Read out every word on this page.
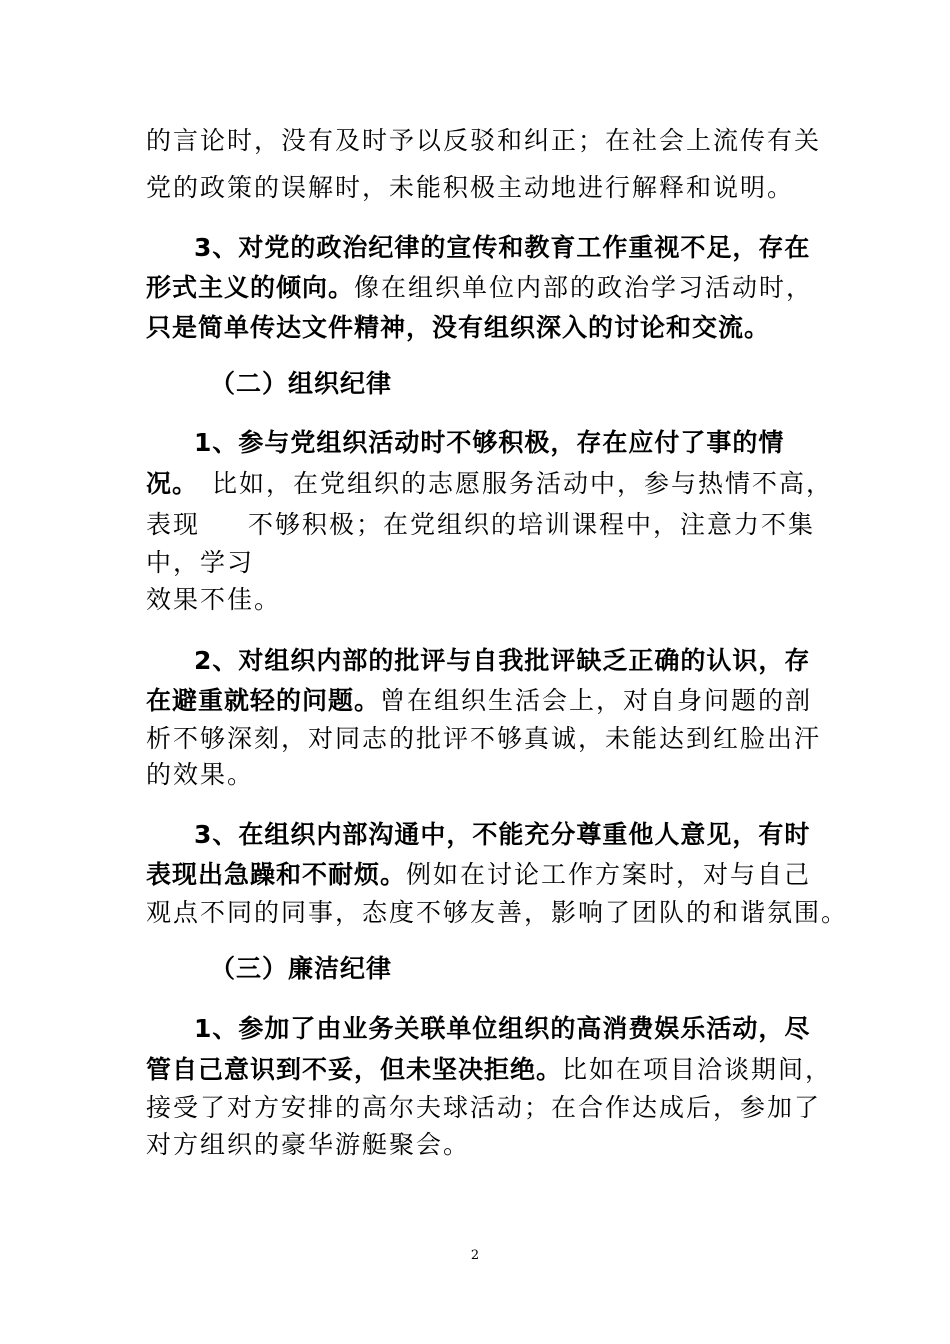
的言论时，没有及时予以反驳和纠正；在社会上流传有关
党的政策的误解时，未能积极主动地进行解释和说明。
3、对党的政治纪律的宣传和教育工作重视不足，存在
形式主义的倾向。像在组织单位内部的政治学习活动时，
只是简单传达文件精神，没有组织深入的讨论和交流。
（二）组织纪律
1、参与党组织活动时不够积极，存在应付了事的情
况。 比如，在党组织的志愿服务活动中，参与热情不高，
表现 不够积极；在党组织的培训课程中，注意力不集
中，学习
效果不佳。
2、对组织内部的批评与自我批评缺乏正确的认识，存
在避重就轻的问题。曾在组织生活会上，对自身问题的剖
析不够深刻，对同志的批评不够真诚，未能达到红脸出汗
的效果。
3、在组织内部沟通中，不能充分尊重他人意见，有时
表现出急躁和不耐烦。例如在讨论工作方案时，对与自己
观点不同的同事，态度不够友善，影响了团队的和谐氛围。
（三）廉洁纪律
1、参加了由业务关联单位组织的高消费娱乐活动，尽
管自己意识到不妥，但未坚决拒绝。比如在项目洽谈期间，
接受了对方安排的高尔夫球活动；在合作达成后，参加了
对方组织的豪华游艇聚会。
2
